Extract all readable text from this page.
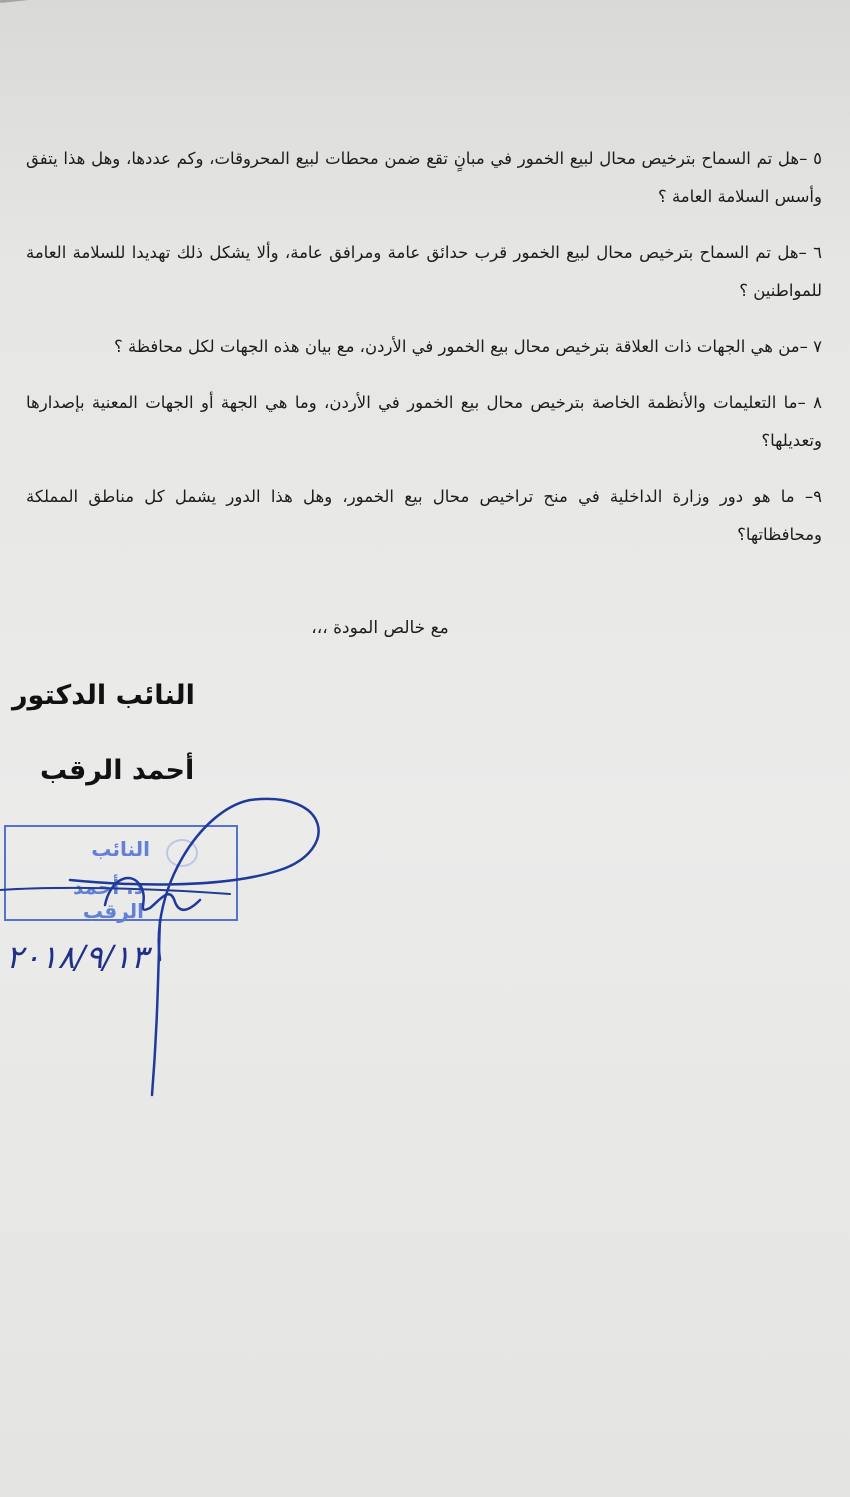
٥ –هل تم السماح بترخيص محال لبيع الخمور في مبانٍ تقع ضمن محطات لبيع المحروقات، وكم عددها، وهل هذا يتفق وأسس السلامة العامة ؟

٦ –هل تم السماح بترخيص محال لبيع الخمور قرب حدائق عامة ومرافق عامة، وألا يشكل ذلك تهديدا للسلامة العامة للمواطنين ؟

٧ –من هي الجهات ذات العلاقة بترخيص محال بيع الخمور في الأردن، مع بيان هذه الجهات لكل محافظة ؟

٨ –ما التعليمات والأنظمة الخاصة بترخيص محال بيع الخمور في الأردن، وما هي الجهة أو الجهات المعنية بإصدارها وتعديلها؟

٩– ما هو دور وزارة الداخلية في منح تراخيص محال بيع الخمور، وهل هذا الدور يشمل كل مناطق المملكة ومحافظاتها؟

مع خالص المودة ،،،
النائب الدكتور
أحمد الرقب
النائب
د. أحمد الرقب
٢٠١٨/٩/١٣
